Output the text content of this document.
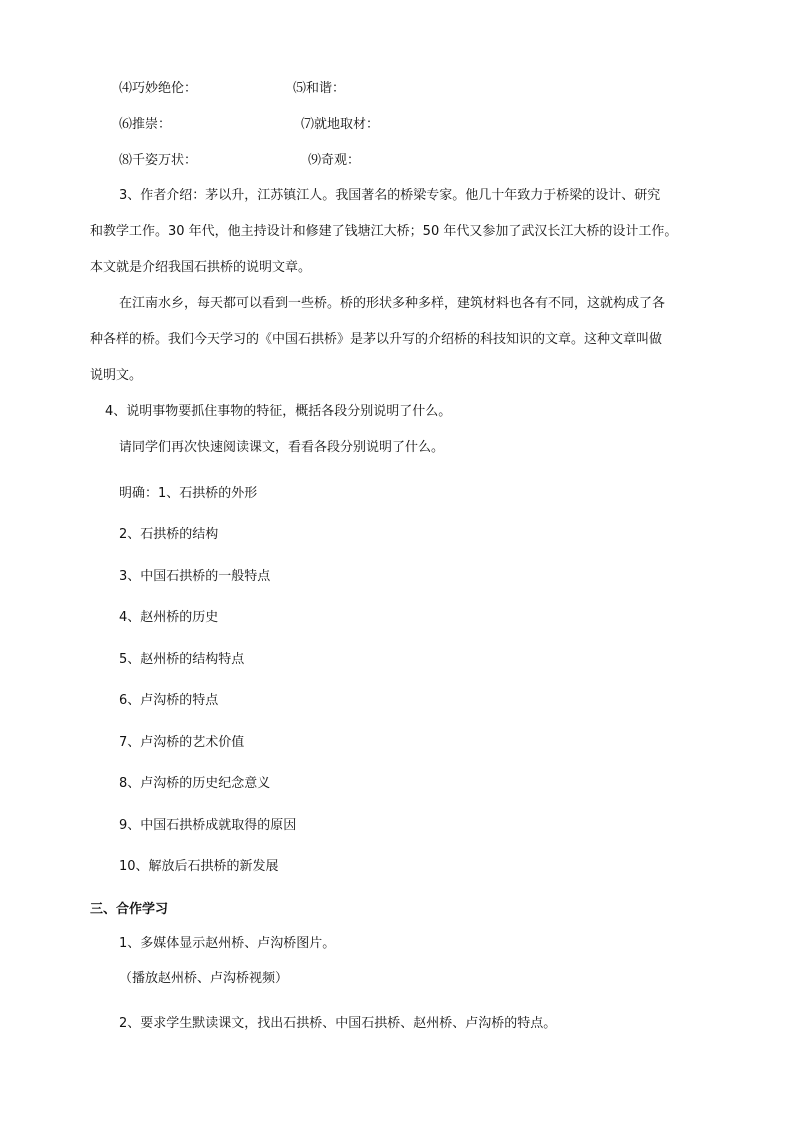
⑷巧妙绝伦：	⑸和谐：
⑹推崇：	⑺就地取材：
⑻千姿万状：	⑼奇观：
3、作者介绍：茅以升，江苏镇江人。我国著名的桥梁专家。他几十年致力于桥梁的设计、研究
和教学工作。30 年代，他主持设计和修建了钱塘江大桥；50 年代又参加了武汉长江大桥的设计工作。
本文就是介绍我国石拱桥的说明文章。
在江南水乡，每天都可以看到一些桥。桥的形状多种多样，建筑材料也各有不同，这就构成了各
种各样的桥。我们今天学习的《中国石拱桥》是茅以升写的介绍桥的科技知识的文章。这种文章叫做
说明文。
4、说明事物要抓住事物的特征，概括各段分别说明了什么。
请同学们再次快速阅读课文，看看各段分别说明了什么。
明确：1、石拱桥的外形
2、石拱桥的结构
3、中国石拱桥的一般特点
4、赵州桥的历史
5、赵州桥的结构特点
6、卢沟桥的特点
7、卢沟桥的艺术价值
8、卢沟桥的历史纪念意义
9、中国石拱桥成就取得的原因
10、解放后石拱桥的新发展
三、合作学习
1、多媒体显示赵州桥、卢沟桥图片。
（播放赵州桥、卢沟桥视频）
2、要求学生默读课文，找出石拱桥、中国石拱桥、赵州桥、卢沟桥的特点。
